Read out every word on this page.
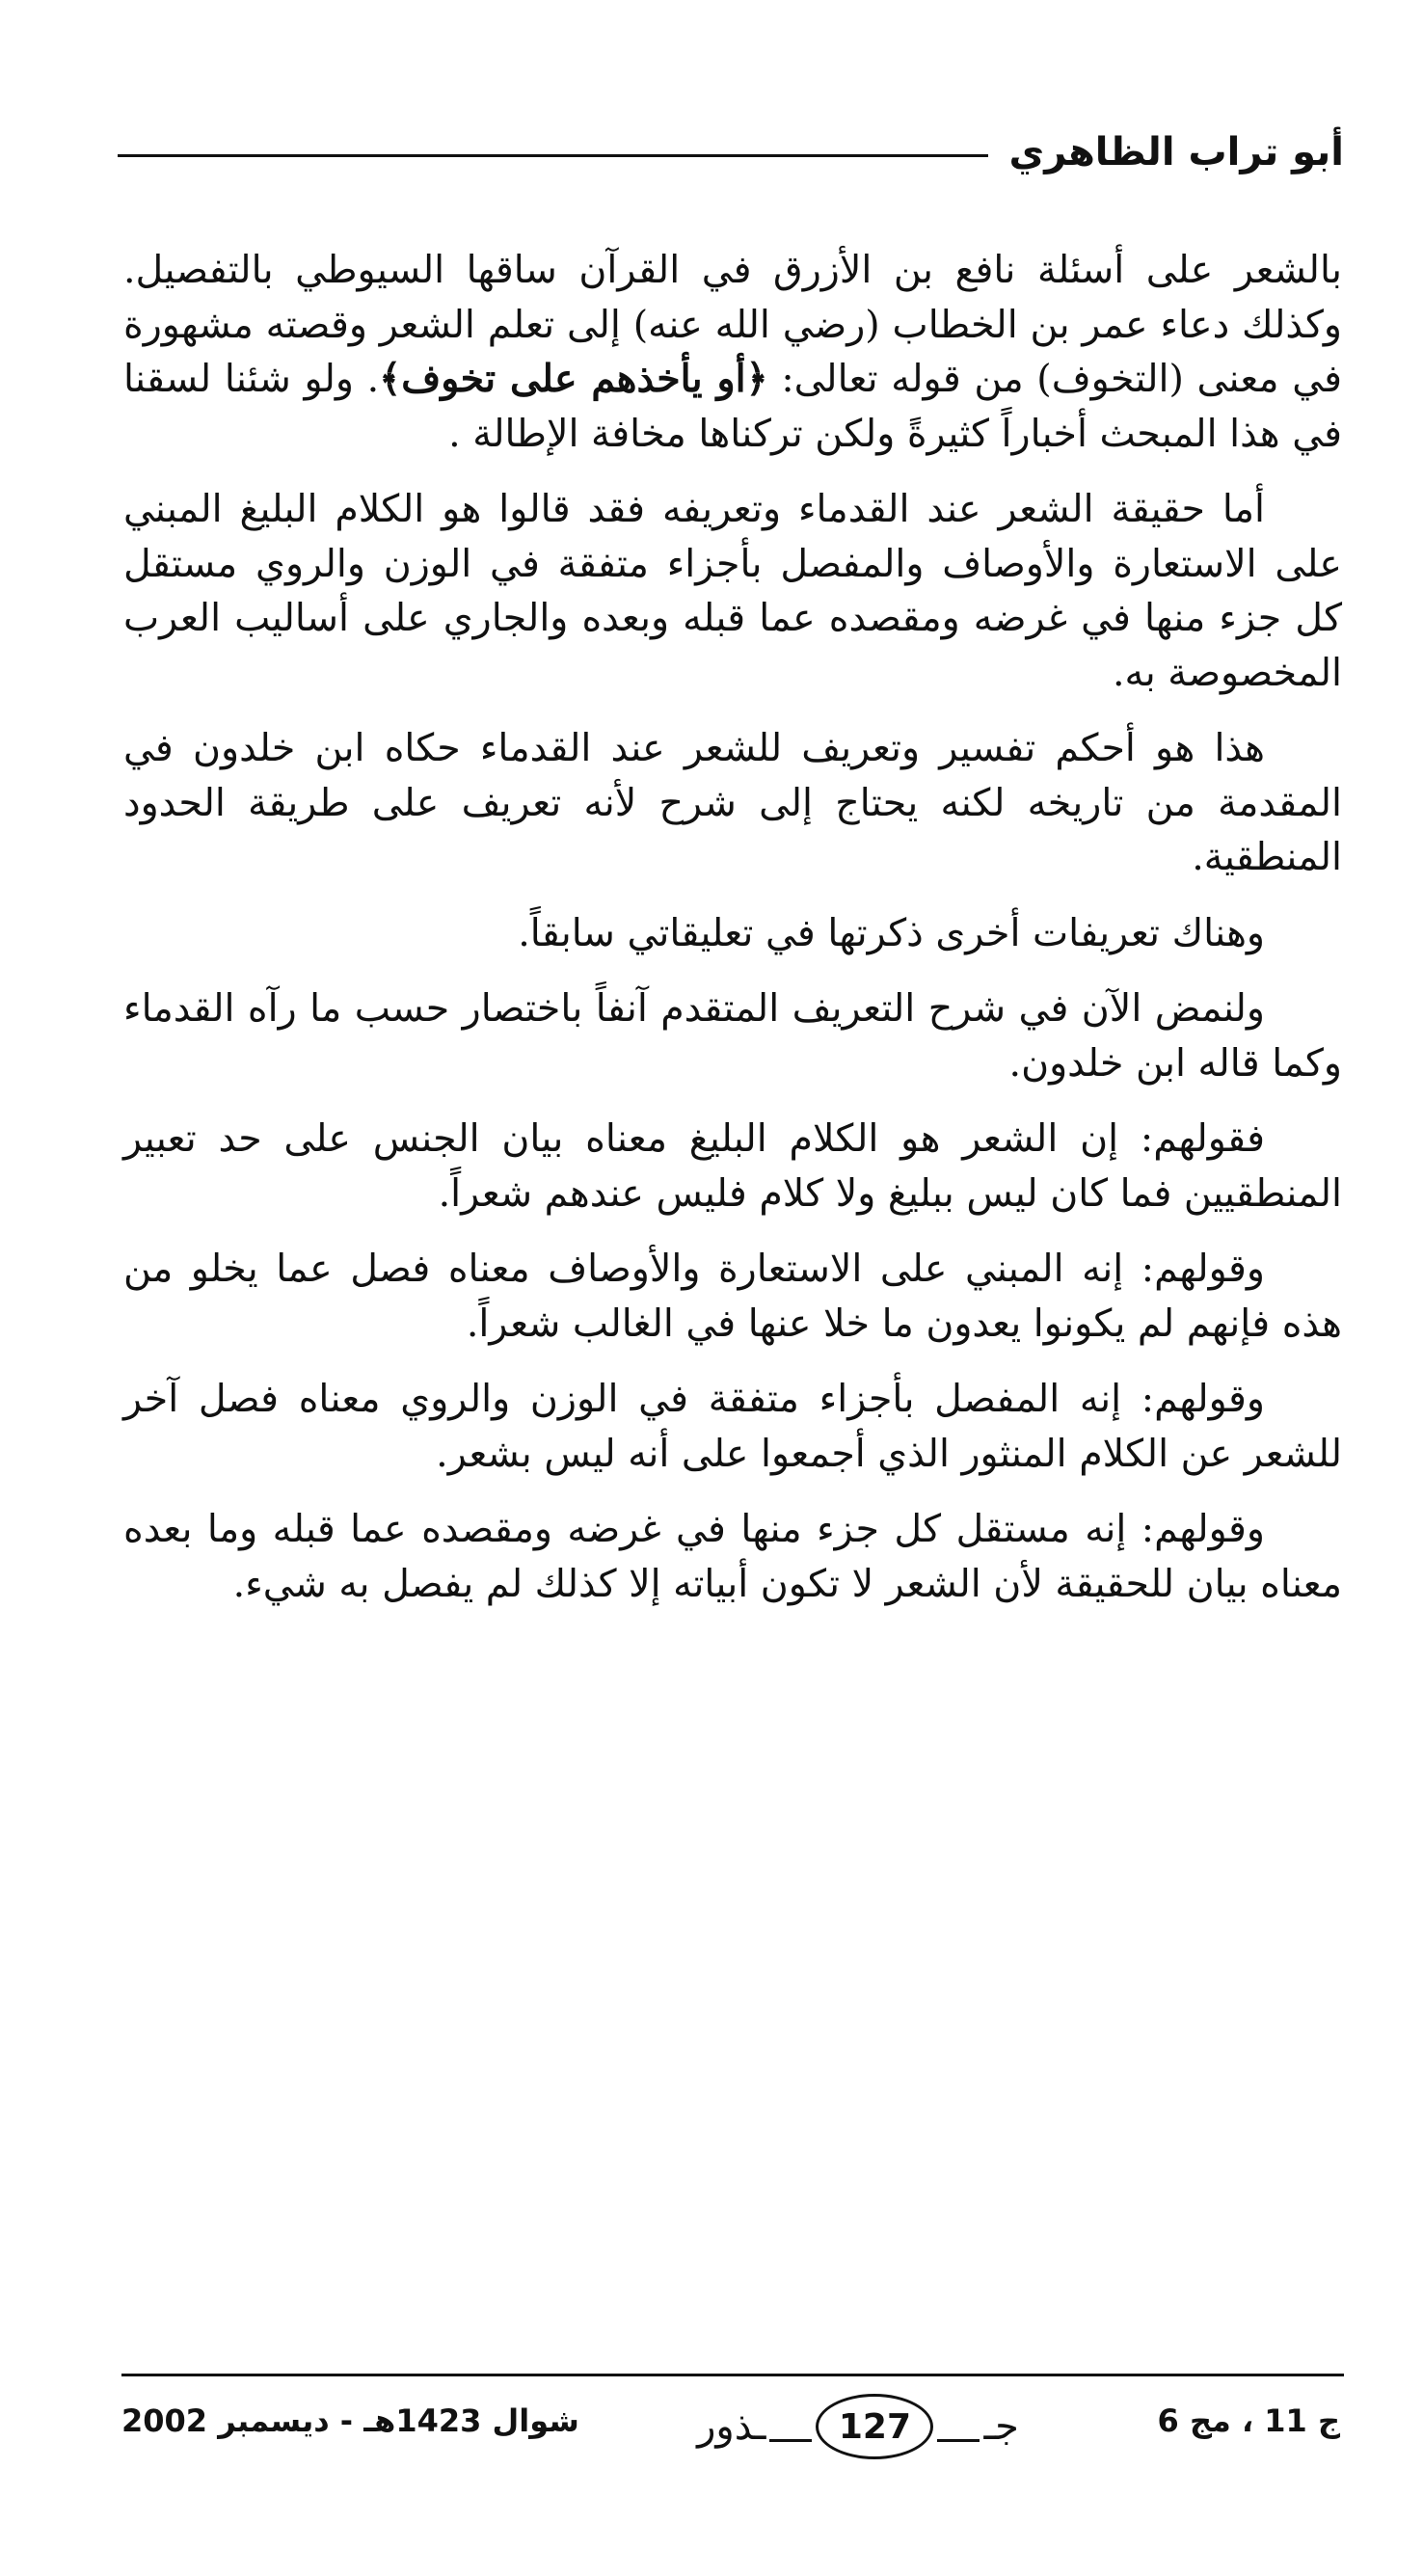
أبو تراب الظاهري

بالشعر على أسئلة نافع بن الأزرق في القرآن ساقها السيوطي بالتفصيل. وكذلك دعاء عمر بن الخطاب (رضي الله عنه) إلى تعلم الشعر وقصته مشهورة في معنى (التخوف) من قوله تعالى: ﴿أو يأخذهم على تخوف﴾. ولو شئنا لسقنا في هذا المبحث أخباراً كثيرةً ولكن تركناها مخافة الإطالة .

أما حقيقة الشعر عند القدماء وتعريفه فقد قالوا هو الكلام البليغ المبني على الاستعارة والأوصاف والمفصل بأجزاء متفقة في الوزن والروي مستقل كل جزء منها في غرضه ومقصده عما قبله وبعده والجاري على أساليب العرب المخصوصة به.

هذا هو أحكم تفسير وتعريف للشعر عند القدماء حكاه ابن خلدون في المقدمة من تاريخه لكنه يحتاج إلى شرح لأنه تعريف على طريقة الحدود المنطقية.

وهناك تعريفات أخرى ذكرتها في تعليقاتي سابقاً.

ولنمض الآن في شرح التعريف المتقدم آنفاً باختصار حسب ما رآه القدماء وكما قاله ابن خلدون.

فقولهم: إن الشعر هو الكلام البليغ معناه بيان الجنس على حد تعبير المنطقيين فما كان ليس ببليغ ولا كلام فليس عندهم شعراً.

وقولهم: إنه المبني على الاستعارة والأوصاف معناه فصل عما يخلو من هذه فإنهم لم يكونوا يعدون ما خلا عنها في الغالب شعراً.

وقولهم: إنه المفصل بأجزاء متفقة في الوزن والروي معناه فصل آخر للشعر عن الكلام المنثور الذي أجمعوا على أنه ليس بشعر.

وقولهم: إنه مستقل كل جزء منها في غرضه ومقصده عما قبله وما بعده معناه بيان للحقيقة لأن الشعر لا تكون أبياته إلا كذلك لم يفصل به شيء.

ج 11 ، مج 6
ـذور	127	جـ
شوال 1423هـ - ديسمبر 2002
